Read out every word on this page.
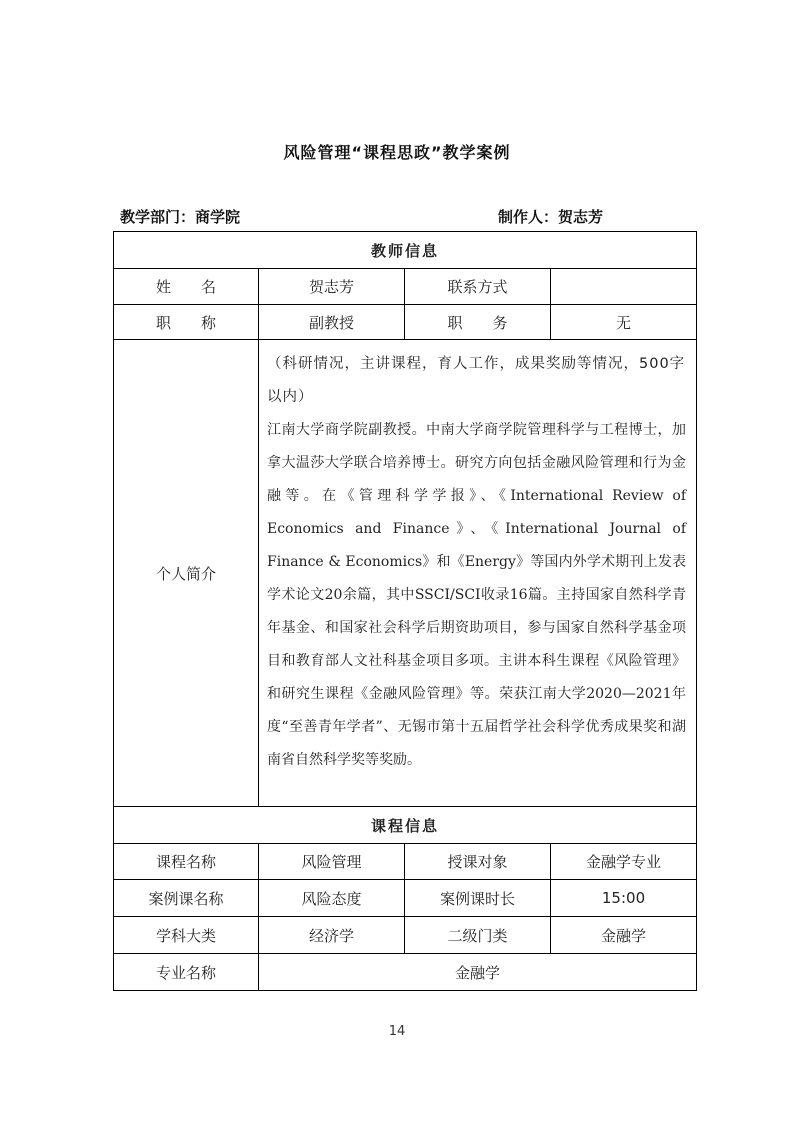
风险管理“课程思政”教学案例
教学部门：商学院	制作人：贺志芳
教师信息			
姓　　名	贺志芳	联系方式	
职　　称	副教授	职　　务	无
个人简介	（科研情况，主讲课程，育人工作，成果奖励等情况，500字以内）

江南大学商学院副教授。中南大学商学院管理科学与工程博士，加拿大温莎大学联合培养博士。研究方向包括金融风险管理和行为金融等。在《管理科学学报》、《International Review of Economics and Finance》、《International Journal of Finance & Economics》和《Energy》等国内外学术期刊上发表学术论文20余篇，其中SSCI/SCI收录16篇。主持国家自然科学青年基金、和国家社会科学后期资助项目，参与国家自然科学基金项目和教育部人文社科基金项目多项。主讲本科生课程《风险管理》和研究生课程《金融风险管理》等。荣获江南大学2020—2021年度“至善青年学者”、无锡市第十五届哲学社会科学优秀成果奖和湖南省自然科学奖等奖励。		

课程信息			
课程名称	风险管理	授课对象	金融学专业
案例课名称	风险态度	案例课时长	15:00
学科大类	经济学	二级门类	金融学
专业名称	金融学		
14
